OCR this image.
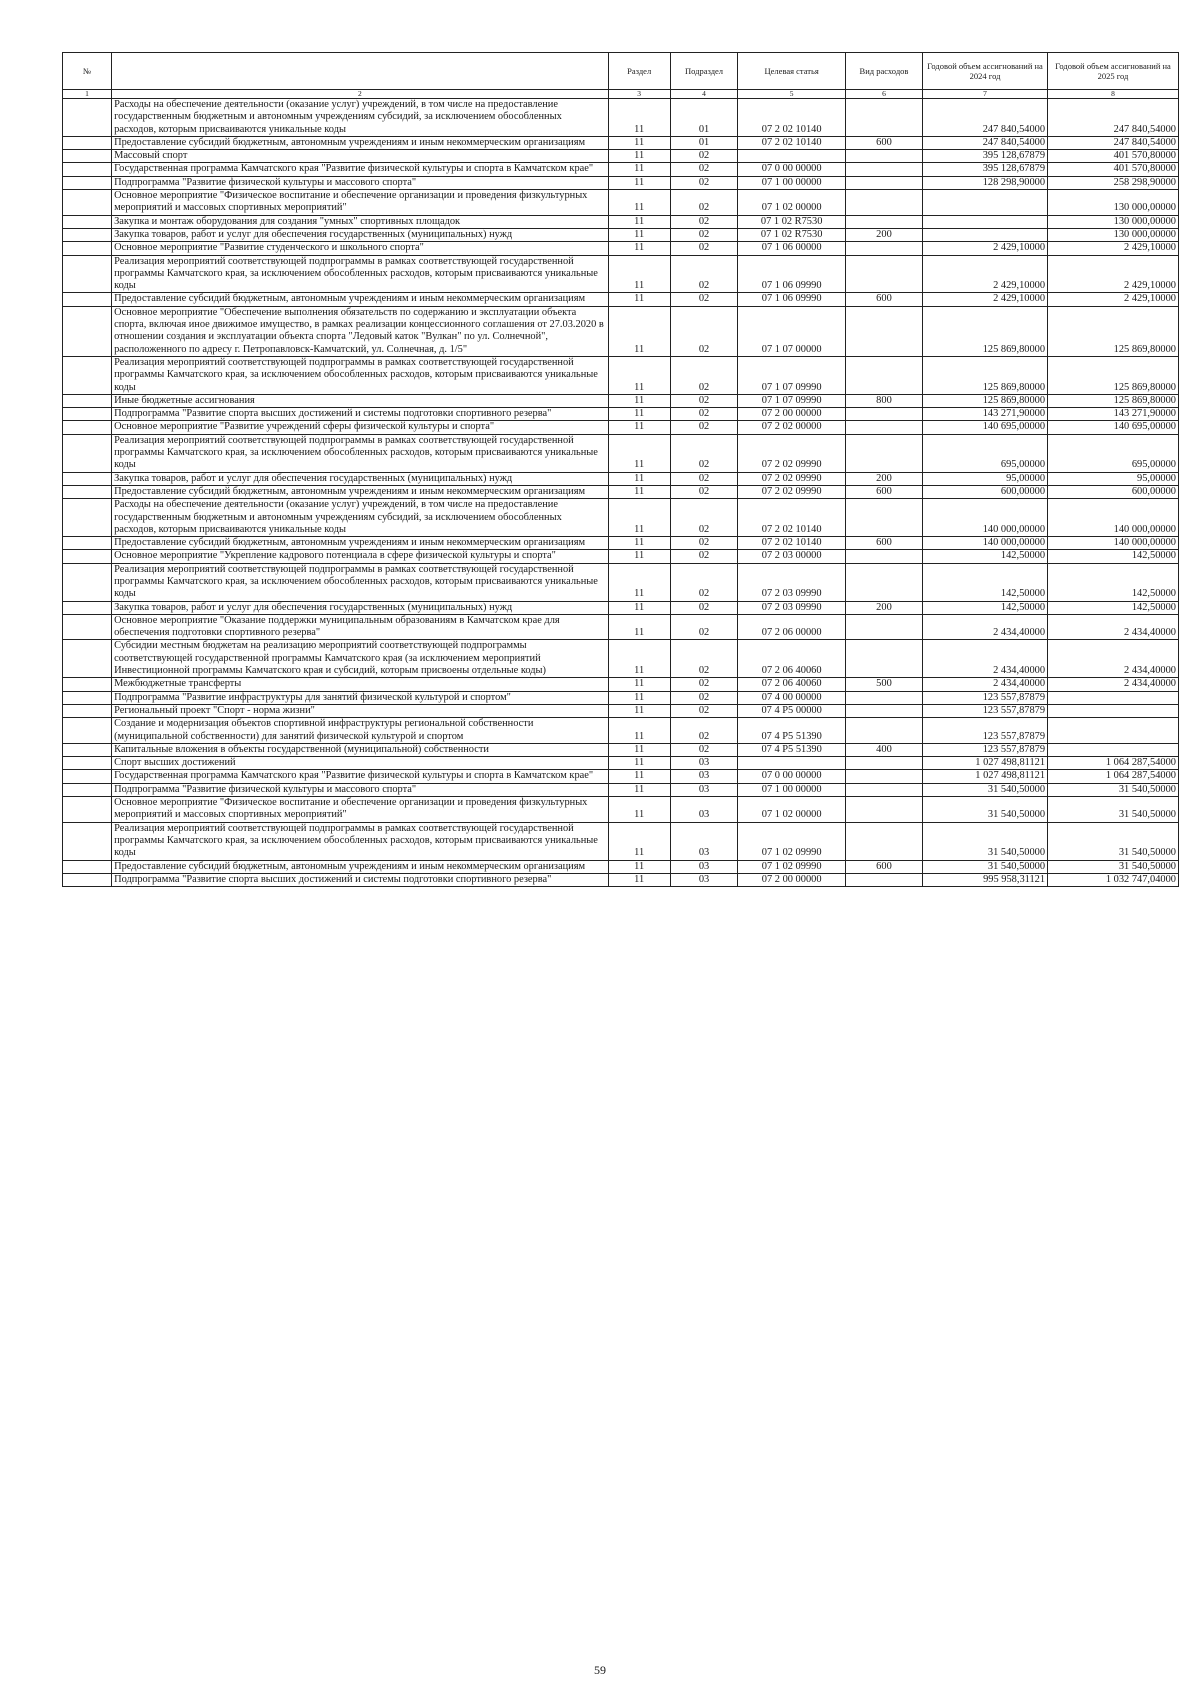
№		Раздел	Подраздел	Целевая статья	Вид расходов	Годовой объем ассигнований на 2024 год	Годовой объем ассигнований на 2025 год
1	2	3	4	5	6	7	8
	Расходы на обеспечение деятельности (оказание услуг) учреждений, в том числе на предоставление государственным бюджетным и автономным учреждениям субсидий, за исключением обособленных расходов, которым присваиваются уникальные коды	11	01	07 2 02 10140		247 840,54000	247 840,54000
	Предоставление субсидий бюджетным, автономным учреждениям и иным некоммерческим организациям	11	01	07 2 02 10140	600	247 840,54000	247 840,54000
	Массовый спорт	11	02			395 128,67879	401 570,80000
	Государственная программа Камчатского края "Развитие физической культуры и спорта в Камчатском крае"	11	02	07 0 00 00000		395 128,67879	401 570,80000
	Подпрограмма "Развитие физической культуры и массового спорта"	11	02	07 1 00 00000		128 298,90000	258 298,90000
	Основное мероприятие "Физическое воспитание и обеспечение организации и проведения физкультурных мероприятий и массовых спортивных мероприятий"	11	02	07 1 02 00000			130 000,00000
	Закупка и монтаж оборудования для создания "умных" спортивных площадок	11	02	07 1 02 R7530			130 000,00000
	Закупка товаров, работ и услуг для обеспечения государственных (муниципальных) нужд	11	02	07 1 02 R7530	200		130 000,00000
	Основное мероприятие "Развитие студенческого и школьного спорта"	11	02	07 1 06 00000		2 429,10000	2 429,10000
	Реализация мероприятий соответствующей подпрограммы в рамках соответствующей государственной программы Камчатского края, за исключением обособленных расходов, которым присваиваются уникальные коды	11	02	07 1 06 09990		2 429,10000	2 429,10000
	Предоставление субсидий бюджетным, автономным учреждениям и иным некоммерческим организациям	11	02	07 1 06 09990	600	2 429,10000	2 429,10000
	Основное мероприятие "Обеспечение выполнения обязательств по содержанию и эксплуатации объекта спорта, включая иное движимое имущество, в рамках реализации концессионного соглашения от 27.03.2020 в отношении создания и эксплуатации объекта спорта "Ледовый каток "Вулкан" по ул. Солнечной", расположенного по адресу г. Петропавловск-Камчатский, ул. Солнечная, д. 1/5"	11	02	07 1 07 00000		125 869,80000	125 869,80000
	Реализация мероприятий соответствующей подпрограммы в рамках соответствующей государственной программы Камчатского края, за исключением обособленных расходов, которым присваиваются уникальные коды	11	02	07 1 07 09990		125 869,80000	125 869,80000
	Иные бюджетные ассигнования	11	02	07 1 07 09990	800	125 869,80000	125 869,80000
	Подпрограмма "Развитие спорта высших достижений и системы подготовки спортивного резерва"	11	02	07 2 00 00000		143 271,90000	143 271,90000
	Основное мероприятие "Развитие учреждений сферы физической культуры и спорта"	11	02	07 2 02 00000		140 695,00000	140 695,00000
	Реализация мероприятий соответствующей подпрограммы в рамках соответствующей государственной программы Камчатского края, за исключением обособленных расходов, которым присваиваются уникальные коды	11	02	07 2 02 09990		695,00000	695,00000
	Закупка товаров, работ и услуг для обеспечения государственных (муниципальных) нужд	11	02	07 2 02 09990	200	95,00000	95,00000
	Предоставление субсидий бюджетным, автономным учреждениям и иным некоммерческим организациям	11	02	07 2 02 09990	600	600,00000	600,00000
	Расходы на обеспечение деятельности (оказание услуг) учреждений, в том числе на предоставление государственным бюджетным и автономным учреждениям субсидий, за исключением обособленных расходов, которым присваиваются уникальные коды	11	02	07 2 02 10140		140 000,00000	140 000,00000
	Предоставление субсидий бюджетным, автономным учреждениям и иным некоммерческим организациям	11	02	07 2 02 10140	600	140 000,00000	140 000,00000
	Основное мероприятие "Укрепление кадрового потенциала в сфере физической культуры и спорта"	11	02	07 2 03 00000		142,50000	142,50000
	Реализация мероприятий соответствующей подпрограммы в рамках соответствующей государственной программы Камчатского края, за исключением обособленных расходов, которым присваиваются уникальные коды	11	02	07 2 03 09990		142,50000	142,50000
	Закупка товаров, работ и услуг для обеспечения государственных (муниципальных) нужд	11	02	07 2 03 09990	200	142,50000	142,50000
	Основное мероприятие "Оказание поддержки муниципальным образованиям в Камчатском крае для обеспечения подготовки спортивного резерва"	11	02	07 2 06 00000		2 434,40000	2 434,40000
	Субсидии местным бюджетам на реализацию мероприятий соответствующей подпрограммы соответствующей государственной программы Камчатского края (за исключением мероприятий Инвестиционной программы Камчатского края и субсидий, которым присвоены отдельные коды)	11	02	07 2 06 40060		2 434,40000	2 434,40000
	Межбюджетные трансферты	11	02	07 2 06 40060	500	2 434,40000	2 434,40000
	Подпрограмма "Развитие инфраструктуры для занятий физической культурой и спортом"	11	02	07 4 00 00000		123 557,87879	
	Региональный проект "Спорт - норма жизни"	11	02	07 4 P5 00000		123 557,87879	
	Создание и модернизация объектов спортивной инфраструктуры региональной собственности (муниципальной собственности) для занятий физической культурой и спортом	11	02	07 4 P5 51390		123 557,87879	
	Капитальные вложения в объекты государственной (муниципальной) собственности	11	02	07 4 P5 51390	400	123 557,87879	
	Спорт высших достижений	11	03			1 027 498,81121	1 064 287,54000
	Государственная программа Камчатского края "Развитие физической культуры и спорта в Камчатском крае"	11	03	07 0 00 00000		1 027 498,81121	1 064 287,54000
	Подпрограмма "Развитие физической культуры и массового спорта"	11	03	07 1 00 00000		31 540,50000	31 540,50000
	Основное мероприятие "Физическое воспитание и обеспечение организации и проведения физкультурных мероприятий и массовых спортивных мероприятий"	11	03	07 1 02 00000		31 540,50000	31 540,50000
	Реализация мероприятий соответствующей подпрограммы в рамках соответствующей государственной программы Камчатского края, за исключением обособленных расходов, которым присваиваются уникальные коды	11	03	07 1 02 09990		31 540,50000	31 540,50000
	Предоставление субсидий бюджетным, автономным учреждениям и иным некоммерческим организациям	11	03	07 1 02 09990	600	31 540,50000	31 540,50000
	Подпрограмма "Развитие спорта высших достижений и системы подготовки спортивного резерва"	11	03	07 2 00 00000		995 958,31121	1 032 747,04000
59
